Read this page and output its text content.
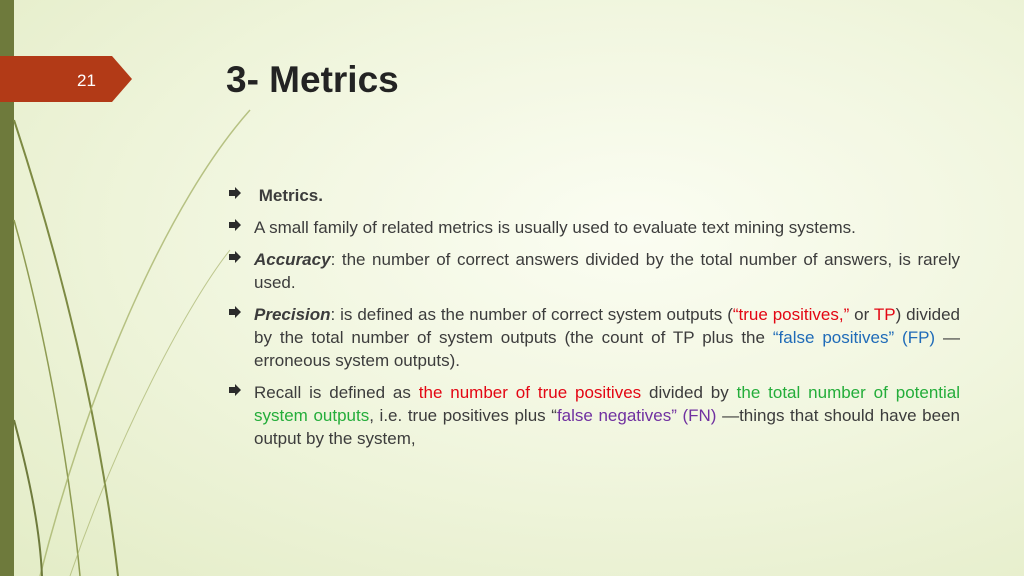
21	3- Metrics
Metrics.
A small family of related metrics is usually used to evaluate text mining systems.
Accuracy: the number of correct answers divided by the total number of answers, is rarely used.
Precision: is defined as the number of correct system outputs (“true positives,” or TP) divided by the total number of system outputs (the count of TP plus the “false positives” (FP) —erroneous system outputs).
Recall is defined as the number of true positives divided by the total number of potential system outputs, i.e. true positives plus “false negatives” (FN) —things that should have been output by the system,
